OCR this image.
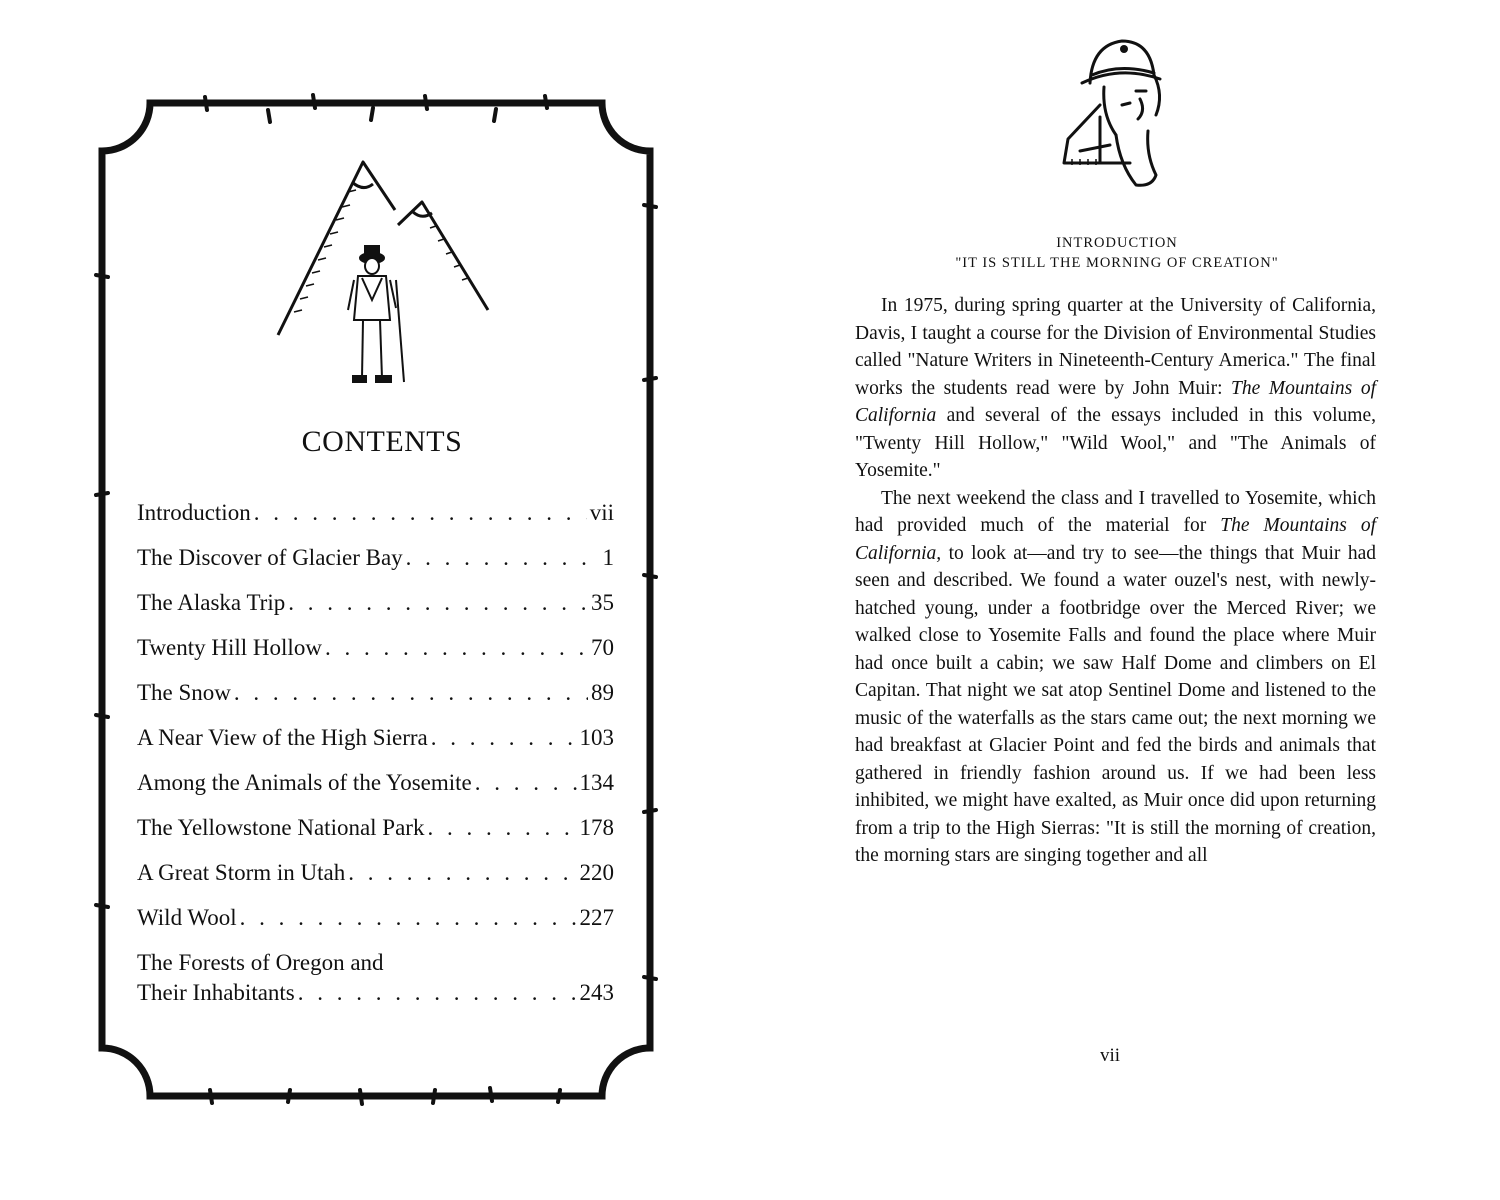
CONTENTS
Introduction . . .	vii
The Discover of Glacier Bay . . .	1
The Alaska Trip . . .	35
Twenty Hill Hollow . . .	70
The Snow . . .	89
A Near View of the High Sierra . . .	103
Among the Animals of the Yosemite . . .	134
The Yellowstone National Park . . .	178
A Great Storm in Utah . . .	220
Wild Wool . . .	227
The Forests of Oregon and
Their Inhabitants . . .	243
INTRODUCTION
"IT IS STILL THE MORNING OF CREATION"

In 1975, during spring quarter at the University of California, Davis, I taught a course for the Division of Environmental Studies called "Nature Writers in Nineteenth-Century America." The final works the students read were by John Muir: The Mountains of California and several of the essays included in this volume, "Twenty Hill Hollow," "Wild Wool," and "The Animals of Yosemite."

The next weekend the class and I travelled to Yosemite, which had provided much of the material for The Mountains of California, to look at—and try to see—the things that Muir had seen and described. We found a water ouzel's nest, with newly-hatched young, under a footbridge over the Merced River; we walked close to Yosemite Falls and found the place where Muir had once built a cabin; we saw Half Dome and climbers on El Capitan. That night we sat atop Sentinel Dome and listened to the music of the waterfalls as the stars came out; the next morning we had breakfast at Glacier Point and fed the birds and animals that gathered in friendly fashion around us. If we had been less inhibited, we might have exalted, as Muir once did upon returning from a trip to the High Sierras: "It is still the morning of creation, the morning stars are singing together and all

vii
